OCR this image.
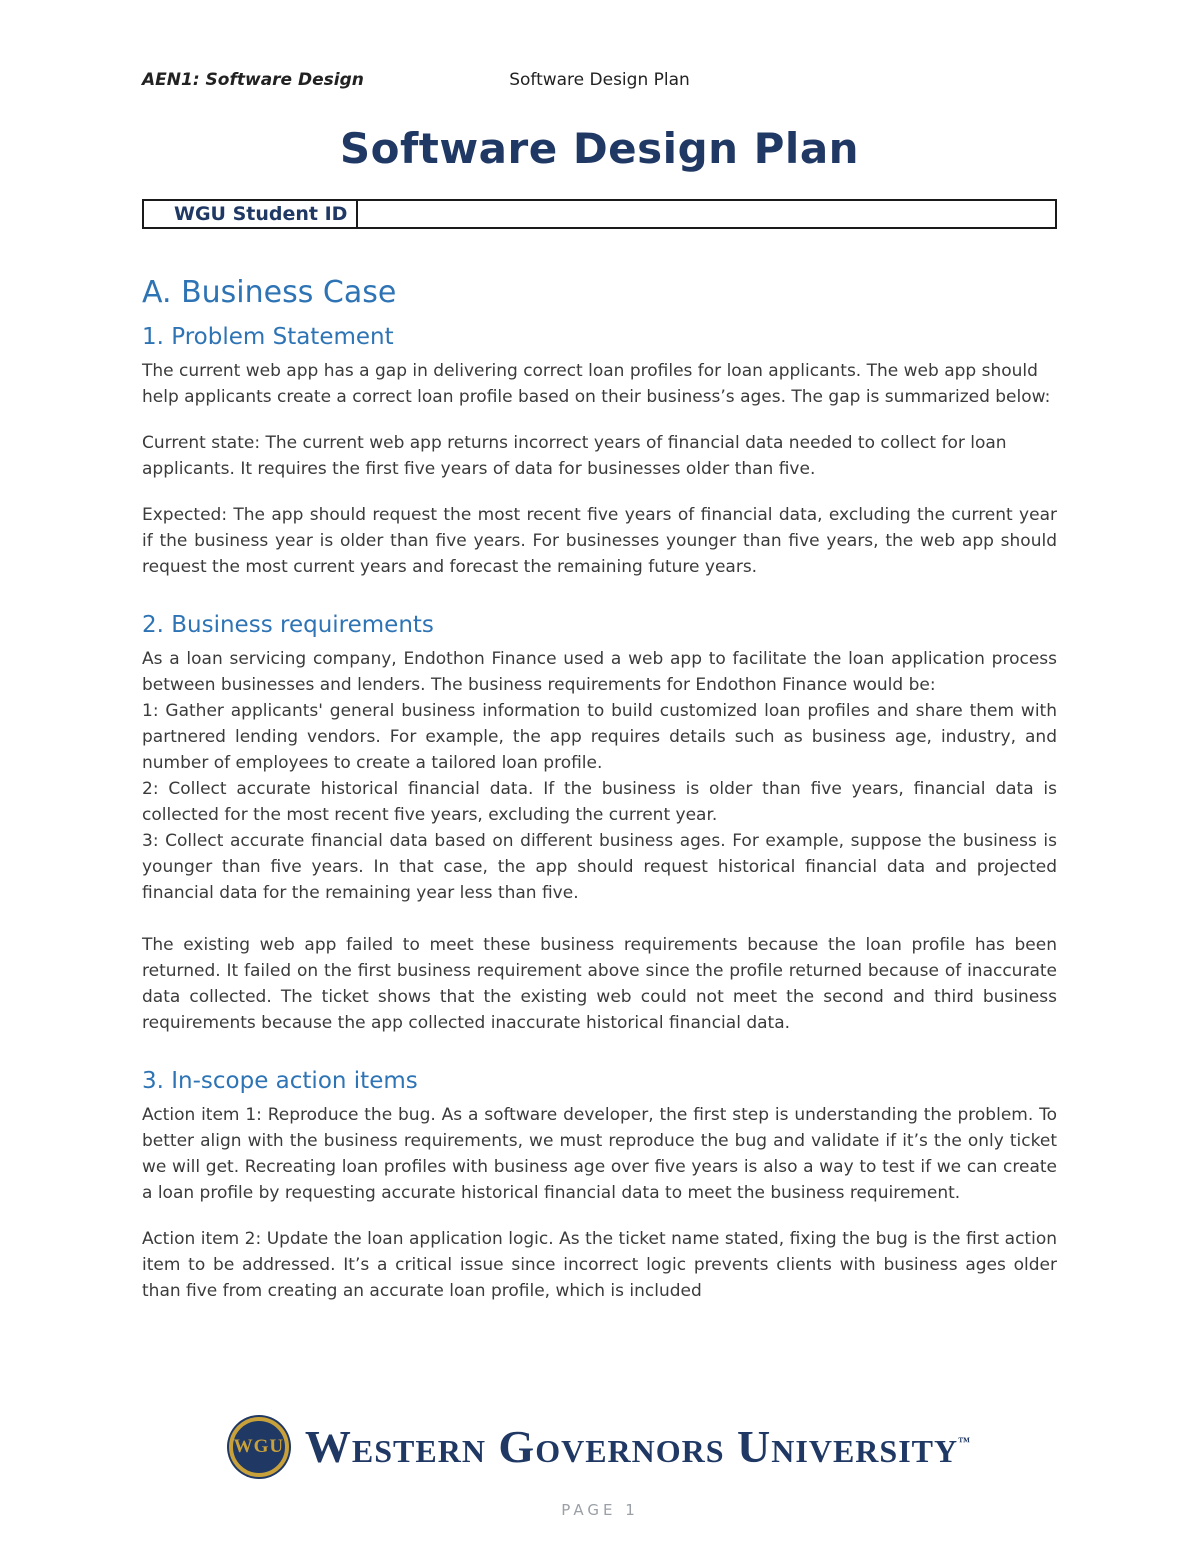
AEN1: Software Design	Software Design Plan
Software Design Plan
WGU Student ID
A. Business Case
1. Problem Statement

The current web app has a gap in delivering correct loan profiles for loan applicants. The web app should help applicants create a correct loan profile based on their business’s ages. The gap is summarized below:

Current state: The current web app returns incorrect years of financial data needed to collect for loan applicants. It requires the first five years of data for businesses older than five.

Expected: The app should request the most recent five years of financial data, excluding the current year if the business year is older than five years. For businesses younger than five years, the web app should request the most current years and forecast the remaining future years.

2. Business requirements

As a loan servicing company, Endothon Finance used a web app to facilitate the loan application process between businesses and lenders. The business requirements for Endothon Finance would be:

1: Gather applicants' general business information to build customized loan profiles and share them with partnered lending vendors. For example, the app requires details such as business age, industry, and number of employees to create a tailored loan profile.

2: Collect accurate historical financial data. If the business is older than five years, financial data is collected for the most recent five years, excluding the current year.

3: Collect accurate financial data based on different business ages. For example, suppose the business is younger than five years. In that case, the app should request historical financial data and projected financial data for the remaining year less than five.

The existing web app failed to meet these business requirements because the loan profile has been returned. It failed on the first business requirement above since the profile returned because of inaccurate data collected. The ticket shows that the existing web could not meet the second and third business requirements because the app collected inaccurate historical financial data.

3. In-scope action items

Action item 1: Reproduce the bug. As a software developer, the first step is understanding the problem. To better align with the business requirements, we must reproduce the bug and validate if it’s the only ticket we will get. Recreating loan profiles with business age over five years is also a way to test if we can create a loan profile by requesting accurate historical financial data to meet the business requirement.

Action item 2: Update the loan application logic. As the ticket name stated, fixing the bug is the first action item to be addressed. It’s a critical issue since incorrect logic prevents clients with business ages older than five from creating an accurate loan profile, which is included

WGU Western Governors University™
PAGE 1
